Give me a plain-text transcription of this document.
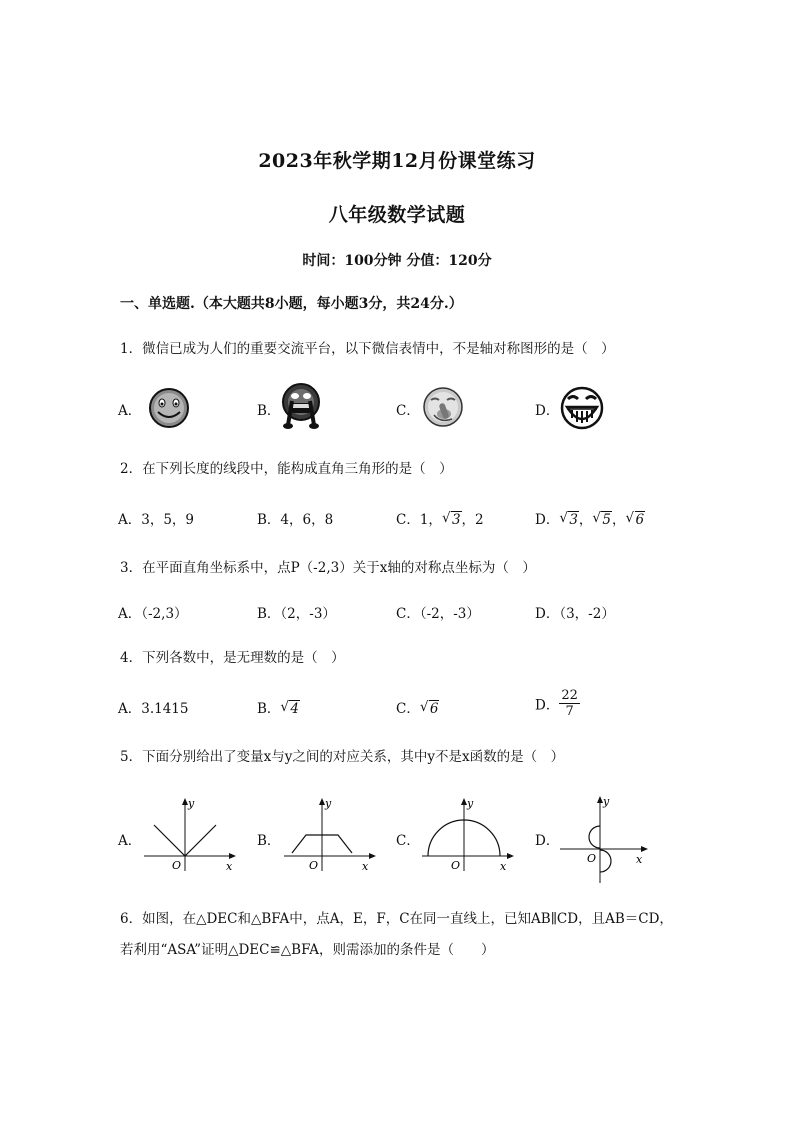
2023年秋学期12月份课堂练习
八年级数学试题
时间：100分钟 分值：120分
一、单选题.（本大题共8小题，每小题3分，共24分.）
1．微信已成为人们的重要交流平台，以下微信表情中，不是轴对称图形的是（　）
A．	B．	C．	D．
2．在下列长度的线段中，能构成直角三角形的是（　）
A．3，5，9	B．4，6，8	C．1， √ 3，2	D． √ 3， √ 5， √ 6
3．在平面直角坐标系中，点P（-2,3）关于x轴的对称点坐标为（　）
A．（-2,3）	B．（2，-3）	C．（-2，-3）	D．（3，-2）
4．下列各数中，是无理数的是（　）
A．3.1415	B． √ 4	C． √ 6	D． $\frac{22}{7}$
5．下面分别给出了变量x与y之间的对应关系，其中y不是x函数的是（　）
A．
y
x
O
B．
y
x
O
C．
y
x
O
D．
y
x
O
6．如图，在△DEC和△BFA中，点A，E，F，C在同一直线上，已知AB∥CD，且AB＝CD，
若利用“ASA”证明△DEC≌△BFA，则需添加的条件是（　　）
